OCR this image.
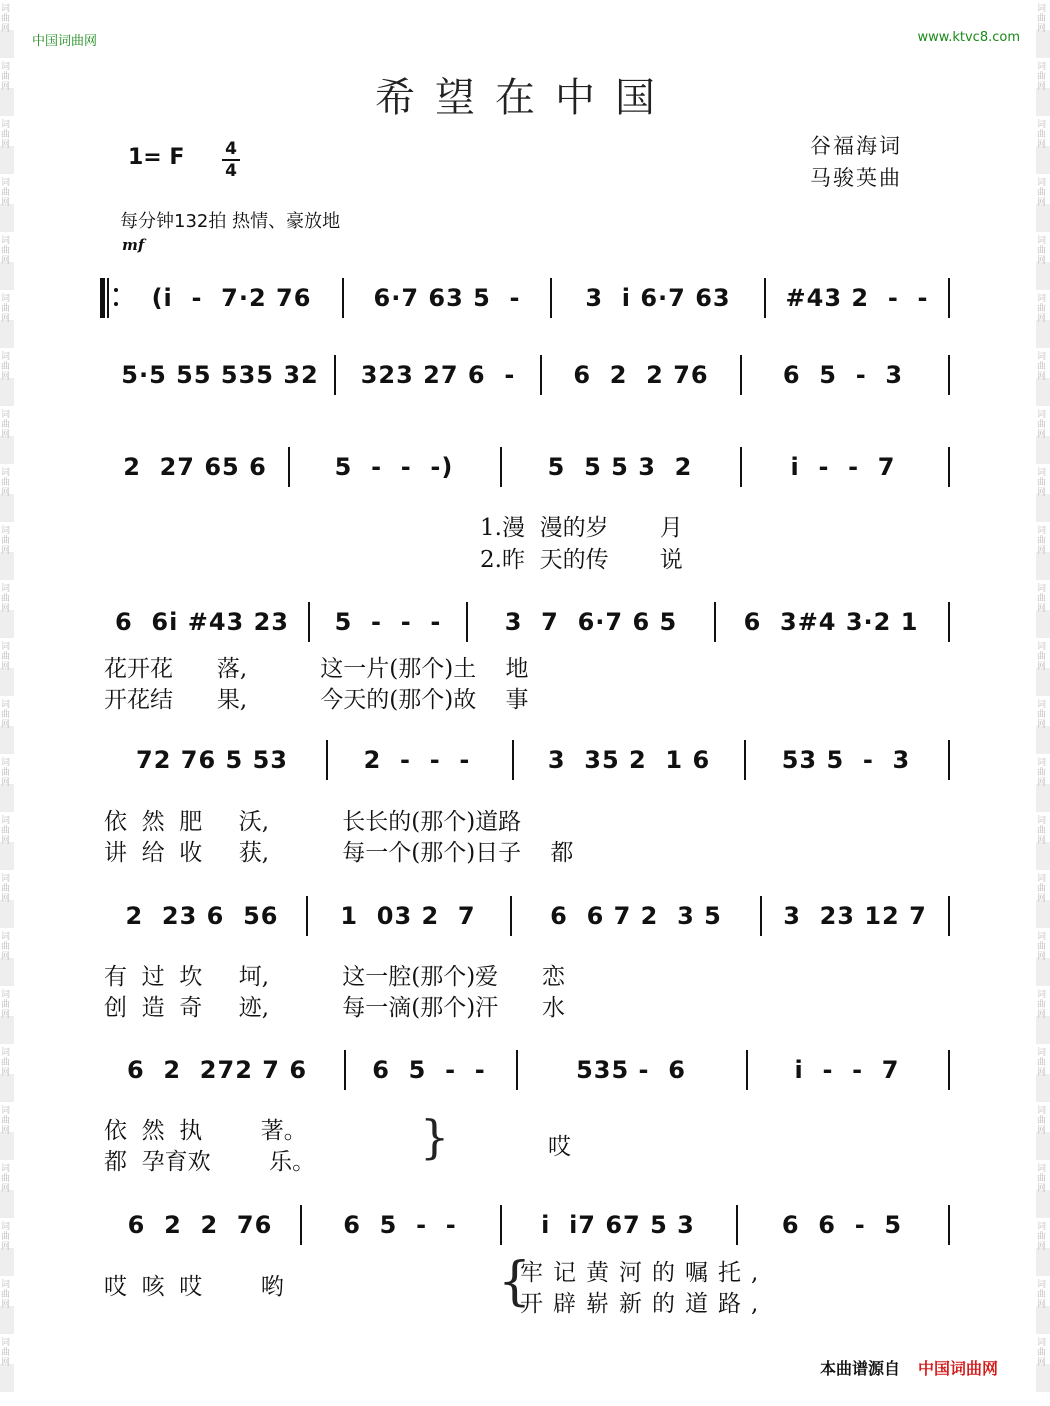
词曲网
词曲网
词曲网
词曲网
词曲网
词曲网
词曲网
词曲网
词曲网
词曲网
词曲网
词曲网
词曲网
词曲网
词曲网
词曲网
词曲网
词曲网
词曲网
词曲网
词曲网
词曲网
词曲网
词曲网
词曲网
词曲网
词曲网
词曲网
词曲网
词曲网
词曲网
词曲网
词曲网
词曲网
词曲网
词曲网
词曲网
词曲网
词曲网
词曲网
词曲网
词曲网
词曲网
词曲网
词曲网
词曲网
词曲网
词曲网
中国词曲网	www.ktvc8.com
希望在中国
1= F 4
4
谷福海词
马骏英曲
每分钟132拍 热情、豪放地
mf
(i  -  7·2 76	6·7 63 5  -	3  i 6·7 63	#43 2  -  -
5·5 55 535 32	323 27 6  -	6  2  2 76	6  5  -  3
2  27 65 6	5  -  -  -)	5  5 5 3  2	i  -  -  7
1.漫  漫的岁       月
2.昨  天的传       说
6  6i #43 23	5  -  -  -	3  7  6·7 6 5	6  3#4 3·2 1
花开花      落,          这一片(那个)土    地
开花结      果,          今天的(那个)故    事
72 76 5 53	2  -  -  -	3  35 2  1 6	53 5  -  3
依  然  肥     沃,          长长的(那个)道路
讲  给  收     获,          每一个(那个)日子    都
2  23 6  56	1  03 2  7	6  6 7 2  3 5	3  23 12 7
有  过  坎     坷,          这一腔(那个)爱      恋
创  造  奇     迹,          每一滴(那个)汗      水
6  2  272 7 6	6  5  -  -	535 -  6	i  -  -  7
依  然  执        著。
都  孕育欢        乐。 }	哎
6  2  2  76	6  5  -  -	i  i7 67 5 3	6  6  -  5
哎  咳  哎        哟	{
牢记黄河的嘱托,
开辟崭新的道路,
本曲谱源自 中国词曲网
